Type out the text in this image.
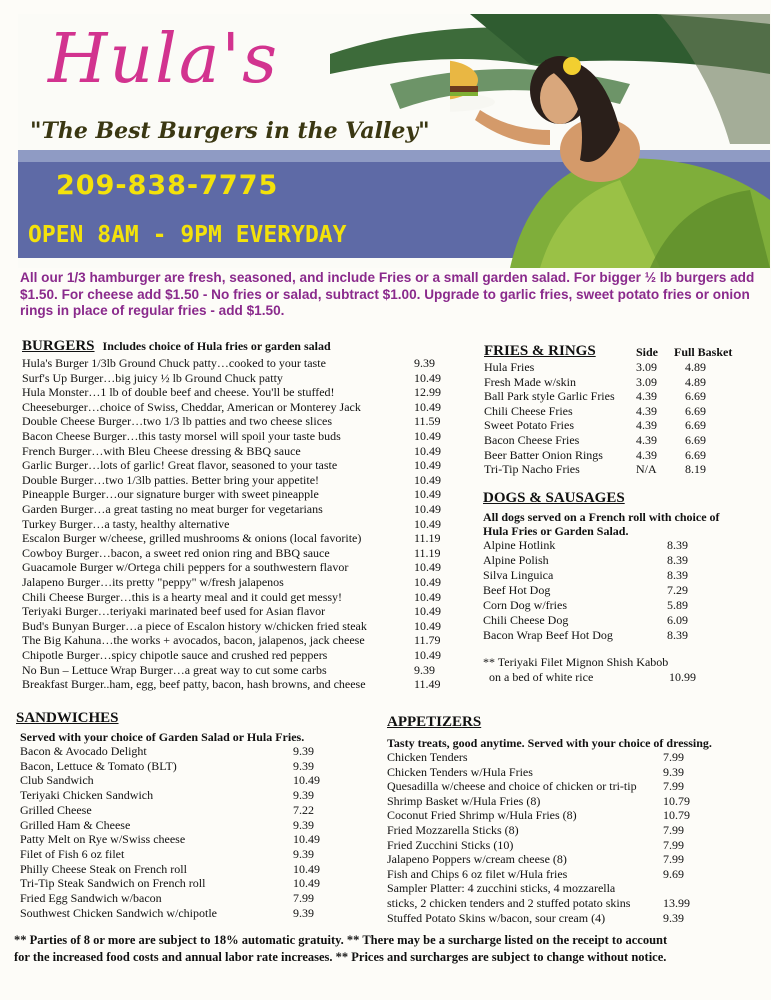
Hula's
"The Best Burgers in the Valley"
209-838-7775
OPEN 8AM - 9PM EVERYDAY
All our 1/3 hamburger are fresh, seasoned, and include Fries or a small garden salad. For bigger ½ lb burgers add $1.50. For cheese add $1.50 - No fries or salad, subtract $1.00. Upgrade to garlic fries, sweet potato fries or onion rings in place of regular fries - add $1.50.
BURGERS Includes choice of Hula fries or garden salad
Hula's Burger 1/3lb Ground Chuck patty…cooked to your taste	9.39
Surf's Up Burger…big juicy ½ lb Ground Chuck patty	10.49
Hula Monster…1 lb of double beef and cheese. You'll be stuffed!	12.99
Cheeseburger…choice of Swiss, Cheddar, American or Monterey Jack	10.49
Double Cheese Burger…two 1/3 lb patties and two cheese slices	11.59
Bacon Cheese Burger…this tasty morsel will spoil your taste buds	10.49
French Burger…with Bleu Cheese dressing & BBQ sauce	10.49
Garlic Burger…lots of garlic! Great flavor, seasoned to your taste	10.49
Double Burger…two 1/3lb patties. Better bring your appetite!	10.49
Pineapple Burger…our signature burger with sweet pineapple	10.49
Garden Burger…a great tasting no meat burger for vegetarians	10.49
Turkey Burger…a tasty, healthy alternative	10.49
Escalon Burger w/cheese, grilled mushrooms & onions (local favorite)	11.19
Cowboy Burger…bacon, a sweet red onion ring and BBQ sauce	11.19
Guacamole Burger w/Ortega chili peppers for a southwestern flavor	10.49
Jalapeno Burger…its pretty "peppy" w/fresh jalapenos	10.49
Chili Cheese Burger…this is a hearty meal and it could get messy!	10.49
Teriyaki Burger…teriyaki marinated beef used for Asian flavor	10.49
Bud's Bunyan Burger…a piece of Escalon history w/chicken fried steak	10.49
The Big Kahuna…the works + avocados, bacon, jalapenos, jack cheese	11.79
Chipotle Burger…spicy chipotle sauce and crushed red peppers	10.49
No Bun – Lettuce Wrap Burger…a great way to cut some carbs	9.39
Breakfast Burger..ham, egg, beef patty, bacon, hash browns, and cheese	11.49
FRIES & RINGS	Side Full Basket
Hula Fries	3.09 4.89
Fresh Made w/skin	3.09 4.89
Ball Park style Garlic Fries 4.39 6.69
Chili Cheese Fries	4.39 6.69
Sweet Potato Fries	4.39 6.69
Bacon Cheese Fries	4.39 6.69
Beer Batter Onion Rings	4.39 6.69
Tri-Tip Nacho Fries	N/A 8.19
DOGS & SAUSAGES
All dogs served on a French roll with choice of
Hula Fries or Garden Salad.
Alpine Hotlink	8.39
Alpine Polish	8.39
Silva Linguica	8.39
Beef Hot Dog	7.29
Corn Dog w/fries	5.89
Chili Cheese Dog	6.09
Bacon Wrap Beef Hot Dog	8.39
** Teriyaki Filet Mignon Shish Kabob
on a bed of white rice	10.99
SANDWICHES
Served with your choice of Garden Salad or Hula Fries.
Bacon & Avocado Delight	9.39
Bacon, Lettuce & Tomato (BLT)	9.39
Club Sandwich	10.49
Teriyaki Chicken Sandwich	9.39
Grilled Cheese	7.22
Grilled Ham & Cheese	9.39
Patty Melt on Rye w/Swiss cheese	10.49
Filet of Fish 6 oz filet	9.39
Philly Cheese Steak on French roll	10.49
Tri-Tip Steak Sandwich on French roll	10.49
Fried Egg Sandwich w/bacon	7.99
Southwest Chicken Sandwich w/chipotle	9.39
APPETIZERS
Tasty treats, good anytime. Served with your choice of dressing.
Chicken Tenders	7.99
Chicken Tenders w/Hula Fries	9.39
Quesadilla w/cheese and choice of chicken or tri-tip 7.99
Shrimp Basket w/Hula Fries (8)	10.79
Coconut Fried Shrimp w/Hula Fries (8)	10.79
Fried Mozzarella Sticks (8)	7.99
Fried Zucchini Sticks (10)	7.99
Jalapeno Poppers w/cream cheese (8)	7.99
Fish and Chips 6 oz filet w/Hula fries	9.69
Sampler Platter: 4 zucchini sticks, 4 mozzarella
sticks, 2 chicken tenders and 2 stuffed potato skins	13.99
Stuffed Potato Skins w/bacon, sour cream (4)	9.39
** Parties of 8 or more are subject to 18% automatic gratuity. ** There may be a surcharge listed on the receipt to account
for the increased food costs and annual labor rate increases. ** Prices and surcharges are subject to change without notice.
